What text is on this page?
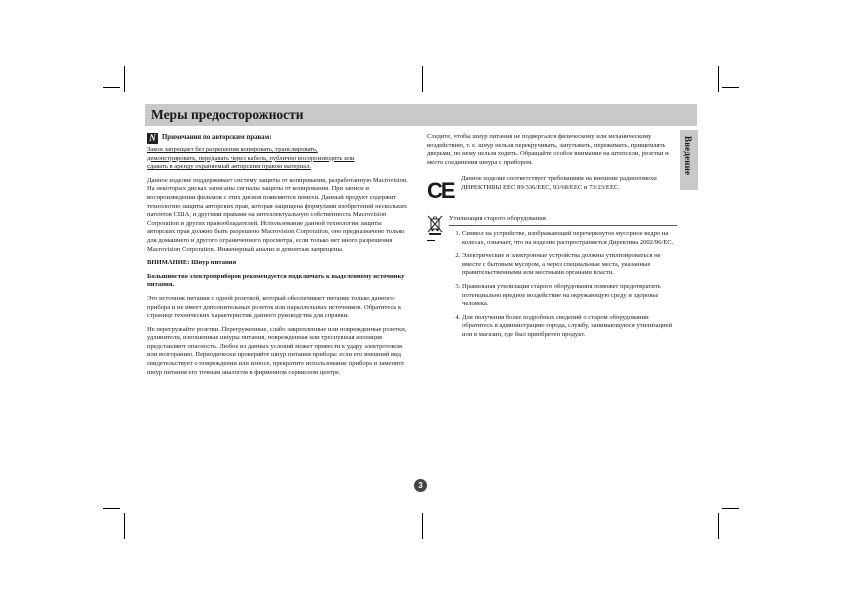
Меры предосторожности
Введение
N Примечания по авторским правам:
Закон запрещает без разрешения копировать, транслировать,
демонстрировать, передавать через кабель, публично воспроизводить или
сдавать в аренду охраняемый авторским правом материал.

Данное изделие поддерживает систему защиты от копирования, разработанную Macrovision. На некоторых дисках записаны сигналы защиты от копирования. При записи и воспроизведении фильмов с этих дисков появляются помехи. Данный продукт содержит технологию защиты авторских прав, которая защищена формулами изобретений нескольких патентов США, и другими правами на интеллектуальную собственность Macrovision Corporation и других правообладателей. Использование данной технологии защиты авторских прав должно быть разрешено Macrovision Corporation, оно предназначено только для домашнего и другого ограниченного просмотра, если только нет иного разрешения Macrovision Corporation. Инженерный анализ и демонтаж запрещены.

ВНИМАНИЕ: Шнур питания

Большинство электроприборов рекомендуется подключать к выделенному источнику питания.

Это источник питания с одной розеткой, который обеспечивает питание только данного прибора и не имеет дополнительных розеток или параллельных источников. Обратитесь к странице технических характеристик данного руководства для справки.

Не перегружайте розетки. Перегруженные, слабо закрепленные или поврежденные розетки, удлинители, изношенные шнуры питания, поврежденная или треснувшая изоляция представляют опасность. Любое из данных условий может привести к удару электротоком или возгоранию. Периодически проверяйте шнур питания прибора: если его внешний вид свидетельствует о повреждении или износе, прекратите использование прибора и замените шнур питания его точным аналогом в фирменном сервисном центре.

Следите, чтобы шнур питания не подвергался физическому или механическому воздействию, т. е. шнур нельзя перекручивать, запутывать, пережимать, прищемлять дверьми, по нему нельзя ходить. Обращайте особое внимание на штепсели, розетки и место соединения шнура с прибором.

CE Данное изделие соответствует требованиям на внешние радиопомехи ДИРЕКТИВЫ ЕЕС 89/336/ЕЕС, 93/68/ЕЕС и 73/23/ЕЕС.
Утилизация старого оборудования
1. Символ на устройстве, изображающий перечеркнутое мусорное ведро на колесах, означает, что на изделие распространяется Директива 2002/96/EC.
2. Электрические и электронные устройства должны утилизироваться не вместе с бытовым мусором, а через специальные места, указанные правительственными или местными органами власти.
3. Правильная утилизация старого оборудования поможет предотвратить потенциально вредное воздействие на окружающую среду и здоровье человека.
4. Для получения более подробных сведений о старом оборудовании обратитесь в администрацию города, службу, занимающуюся утилизацией или в магазин, где был приобретен продукт.
3
